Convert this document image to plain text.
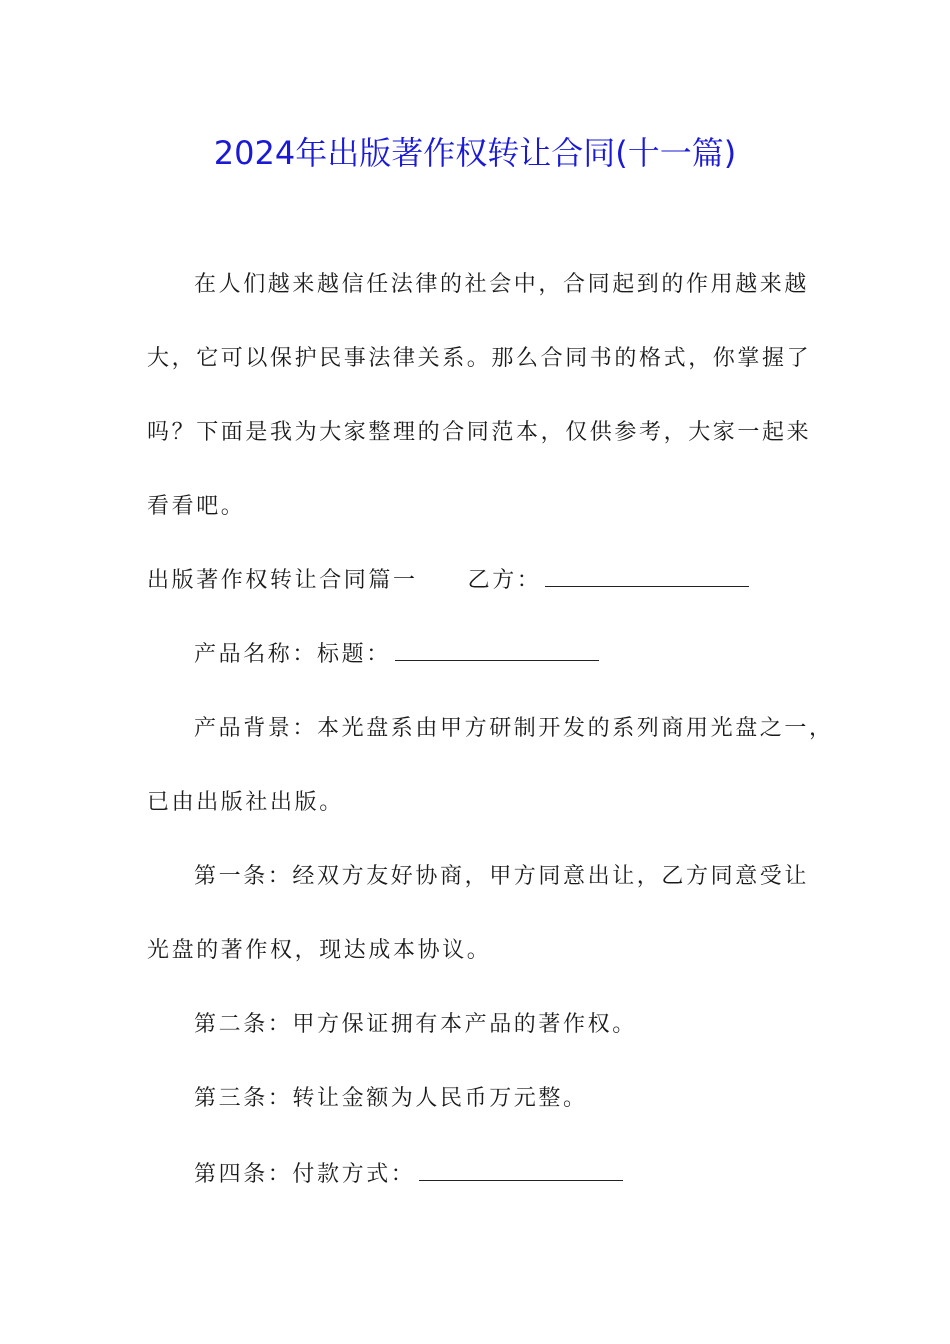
2024年出版著作权转让合同(十一篇)
在人们越来越信任法律的社会中，合同起到的作用越来越
大，它可以保护民事法律关系。那么合同书的格式，你掌握了
吗？下面是我为大家整理的合同范本，仅供参考，大家一起来
看看吧。
出版著作权转让合同篇一 乙方：
产品名称：标题：
产品背景：本光盘系由甲方研制开发的系列商用光盘之一，
已由出版社出版。
第一条：经双方友好协商，甲方同意出让，乙方同意受让
光盘的著作权，现达成本协议。
第二条：甲方保证拥有本产品的著作权。
第三条：转让金额为人民币万元整。
第四条：付款方式：
